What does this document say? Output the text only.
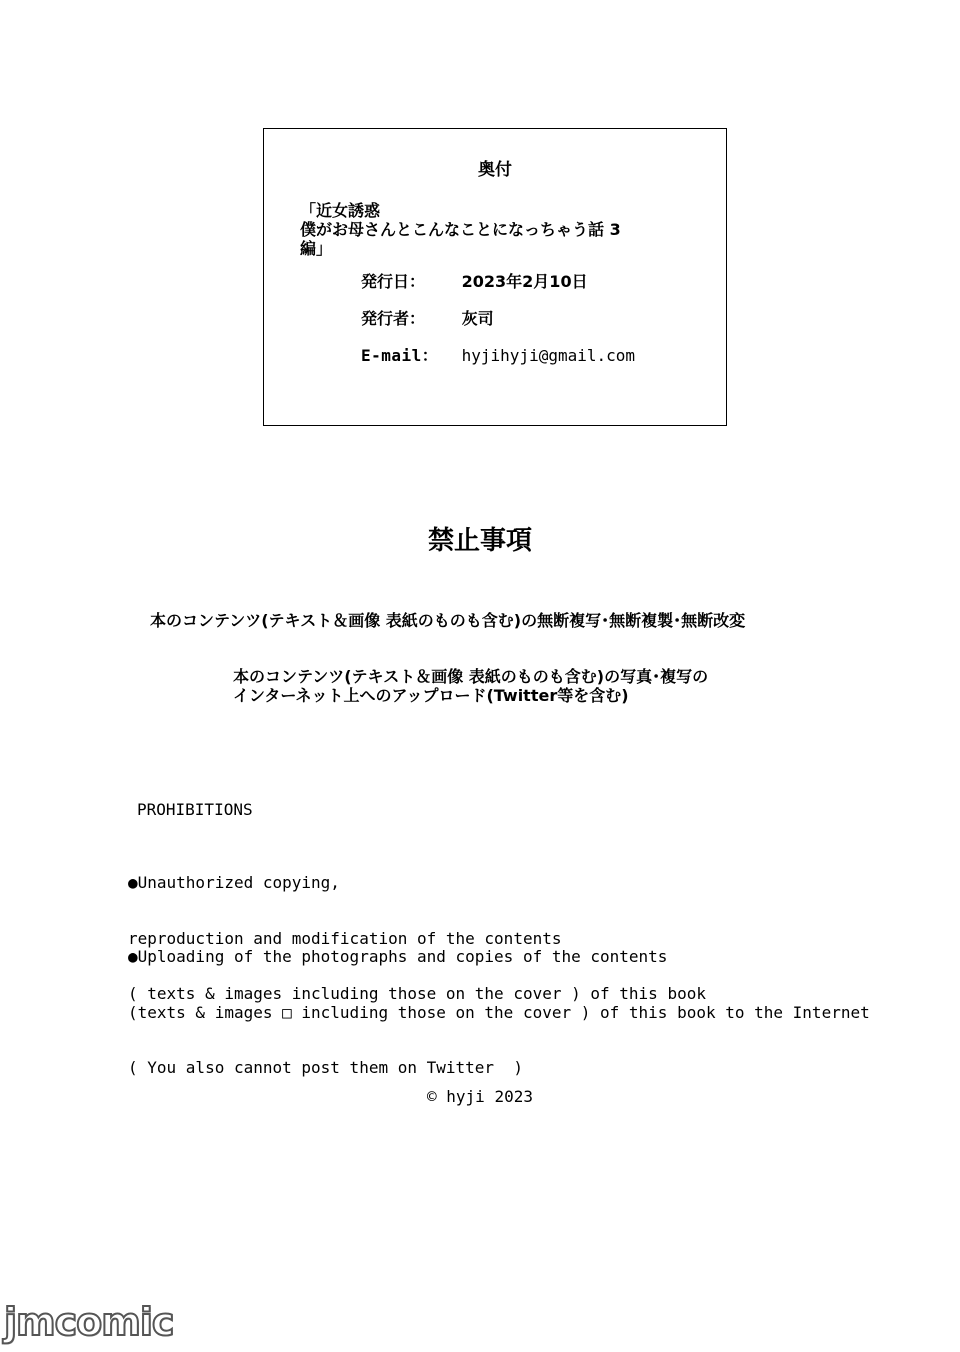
奥付
「近女誘惑
僕がお母さんとこんなことになっちゃう話 3
編」
発行日： 2023年2月10日
発行者： 灰司
E-mail： hyjihyji@gmail.com
禁止事項
本のコンテンツ(テキスト＆画像 表紙のものも含む)の無断複写･無断複製･無断改変
本のコンテンツ(テキスト＆画像 表紙のものも含む)の写真･複写の
インターネット上へのアップロード(Twitter等を含む)
PROHIBITIONS

●Unauthorized copying,

reproduction and modification of the contents

( texts & images including those on the cover ) of this book

●Uploading of the photographs and copies of the contents

(texts & images □ including those on the cover ) of this book to the Internet

( You also cannot post them on Twitter  )

© hyji 2023
jmcomic
